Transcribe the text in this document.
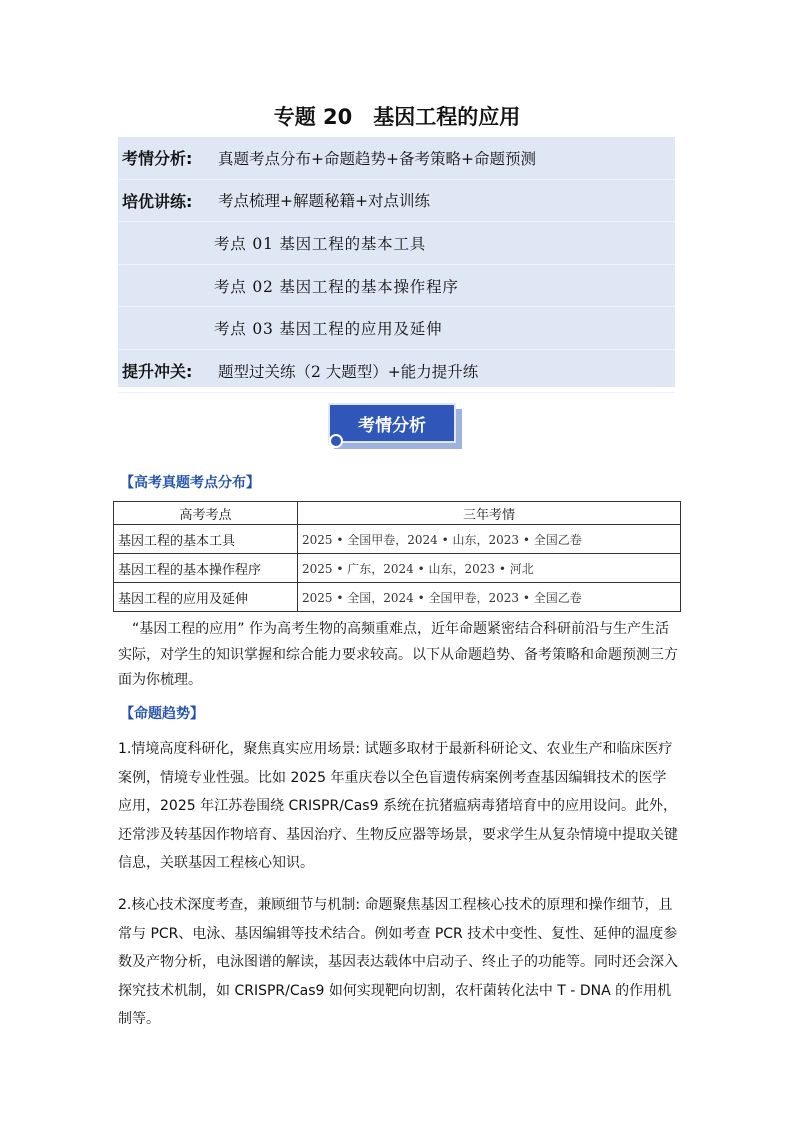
专题 20　基因工程的应用
考情分析:	真题考点分布+命题趋势+备考策略+命题预测
培优讲练:	考点梳理+解题秘籍+对点训练
考点 01 基因工程的基本工具
考点 02 基因工程的基本操作程序
考点 03 基因工程的应用及延伸
提升冲关:	题型过关练（2 大题型）+能力提升练
考情分析
【高考真题考点分布】
高考考点	三年考情
基因工程的基本工具	2025 • 全国甲卷，2024 • 山东，2023 • 全国乙卷
基因工程的基本操作程序	2025 • 广东，2024 • 山东，2023 • 河北
基因工程的应用及延伸	2025 • 全国，2024 • 全国甲卷，2023 • 全国乙卷

“基因工程的应用” 作为高考生物的高频重难点，近年命题紧密结合科研前沿与生产生活实际，对学生的知识掌握和综合能力要求较高。以下从命题趋势、备考策略和命题预测三方面为你梳理。

【命题趋势】

1.情境高度科研化，聚焦真实应用场景: 试题多取材于最新科研论文、农业生产和临床医疗案例，情境专业性强。比如 2025 年重庆卷以全色盲遗传病案例考查基因编辑技术的医学应用，2025 年江苏卷围绕 CRISPR/Cas9 系统在抗猪瘟病毒猪培育中的应用设问。此外，还常涉及转基因作物培育、基因治疗、生物反应器等场景，要求学生从复杂情境中提取关键信息，关联基因工程核心知识。

2.核心技术深度考查，兼顾细节与机制: 命题聚焦基因工程核心技术的原理和操作细节，且常与 PCR、电泳、基因编辑等技术结合。例如考查 PCR 技术中变性、复性、延伸的温度参数及产物分析，电泳图谱的解读，基因表达载体中启动子、终止子的功能等。同时还会深入探究技术机制，如 CRISPR/Cas9 如何实现靶向切割，农杆菌转化法中 T - DNA 的作用机制等。
